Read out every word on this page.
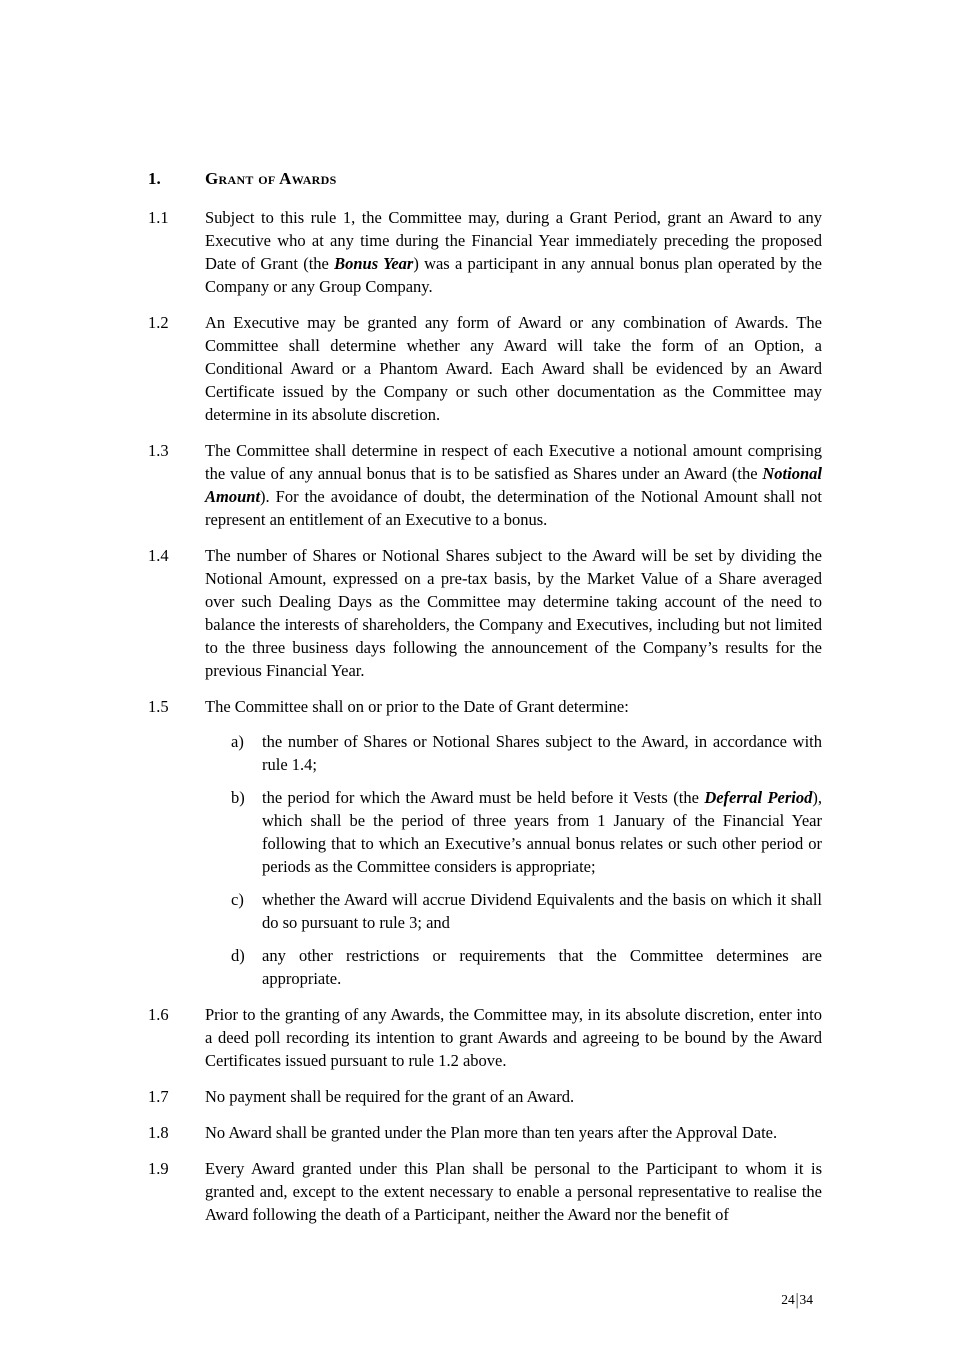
1.	Grant of Awards
1.1	Subject to this rule 1, the Committee may, during a Grant Period, grant an Award to any Executive who at any time during the Financial Year immediately preceding the proposed Date of Grant (the Bonus Year) was a participant in any annual bonus plan operated by the Company or any Group Company.
1.2	An Executive may be granted any form of Award or any combination of Awards. The Committee shall determine whether any Award will take the form of an Option, a Conditional Award or a Phantom Award. Each Award shall be evidenced by an Award Certificate issued by the Company or such other documentation as the Committee may determine in its absolute discretion.
1.3	The Committee shall determine in respect of each Executive a notional amount comprising the value of any annual bonus that is to be satisfied as Shares under an Award (the Notional Amount). For the avoidance of doubt, the determination of the Notional Amount shall not represent an entitlement of an Executive to a bonus.
1.4	The number of Shares or Notional Shares subject to the Award will be set by dividing the Notional Amount, expressed on a pre-tax basis, by the Market Value of a Share averaged over such Dealing Days as the Committee may determine taking account of the need to balance the interests of shareholders, the Company and Executives, including but not limited to the three business days following the announcement of the Company’s results for the previous Financial Year.
1.5	The Committee shall on or prior to the Date of Grant determine:
a)	the number of Shares or Notional Shares subject to the Award, in accordance with rule 1.4;
b)	the period for which the Award must be held before it Vests (the Deferral Period), which shall be the period of three years from 1 January of the Financial Year following that to which an Executive’s annual bonus relates or such other period or periods as the Committee considers is appropriate;
c)	whether the Award will accrue Dividend Equivalents and the basis on which it shall do so pursuant to rule 3; and
d)	any other restrictions or requirements that the Committee determines are appropriate.
1.6	Prior to the granting of any Awards, the Committee may, in its absolute discretion, enter into a deed poll recording its intention to grant Awards and agreeing to be bound by the Award Certificates issued pursuant to rule 1.2 above.
1.7	No payment shall be required for the grant of an Award.
1.8	No Award shall be granted under the Plan more than ten years after the Approval Date.
1.9	Every Award granted under this Plan shall be personal to the Participant to whom it is granted and, except to the extent necessary to enable a personal representative to realise the Award following the death of a Participant, neither the Award nor the benefit of
24|34
